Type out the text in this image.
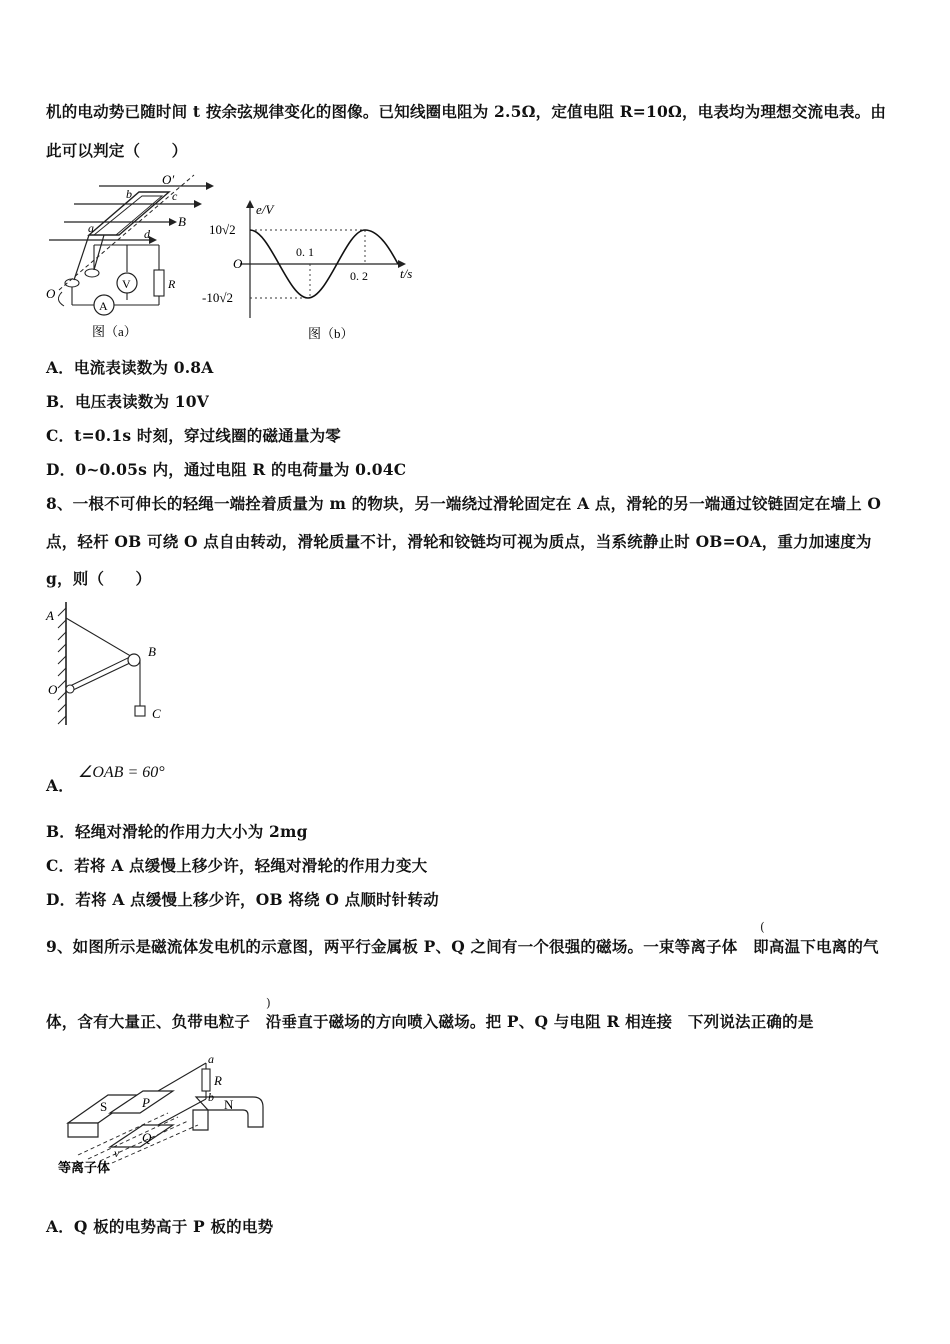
机的电动势已随时间 t 按余弦规律变化的图像。已知线圈电阻为 2.5Ω，定值电阻 R=10Ω，电表均为理想交流电表。由
此可以判定（　　）
O′
b	c
B
a	d
O
V
A
R
图（a）
e/V
t/s
10√2
-10√2
O
0. 1
0. 2
图（b）
A．电流表读数为 0.8A
B．电压表读数为 10V
C．t=0.1s 时刻，穿过线圈的磁通量为零
D．0~0.05s 内，通过电阻 R 的电荷量为 0.04C
8、一根不可伸长的轻绳一端拴着质量为 m 的物块，另一端绕过滑轮固定在 A 点，滑轮的另一端通过铰链固定在墙上 O
点，轻杆 OB 可绕 O 点自由转动，滑轮质量不计，滑轮和铰链均可视为质点，当系统静止时 OB=OA，重力加速度为
g，则（　　）
A
B
O
C
A．
∠OAB = 60°
B．轻绳对滑轮的作用力大小为 2mg
C．若将 A 点缓慢上移少许，轻绳对滑轮的作用力变大
D．若将 A 点缓慢上移少许，OB 将绕 O 点顺时针转动
9、如图所示是磁流体发电机的示意图，两平行金属板 P、Q 之间有一个很强的磁场。一束等离子体　即高温下电离的气
(
体，含有大量正、负带电粒子　沿垂直于磁场的方向喷入磁场。把 P、Q 与电阻 R 相连接　下列说法正确的是
)
S	P
Q
N
R
a
b
v
等离子体
A．Q 板的电势高于 P 板的电势
